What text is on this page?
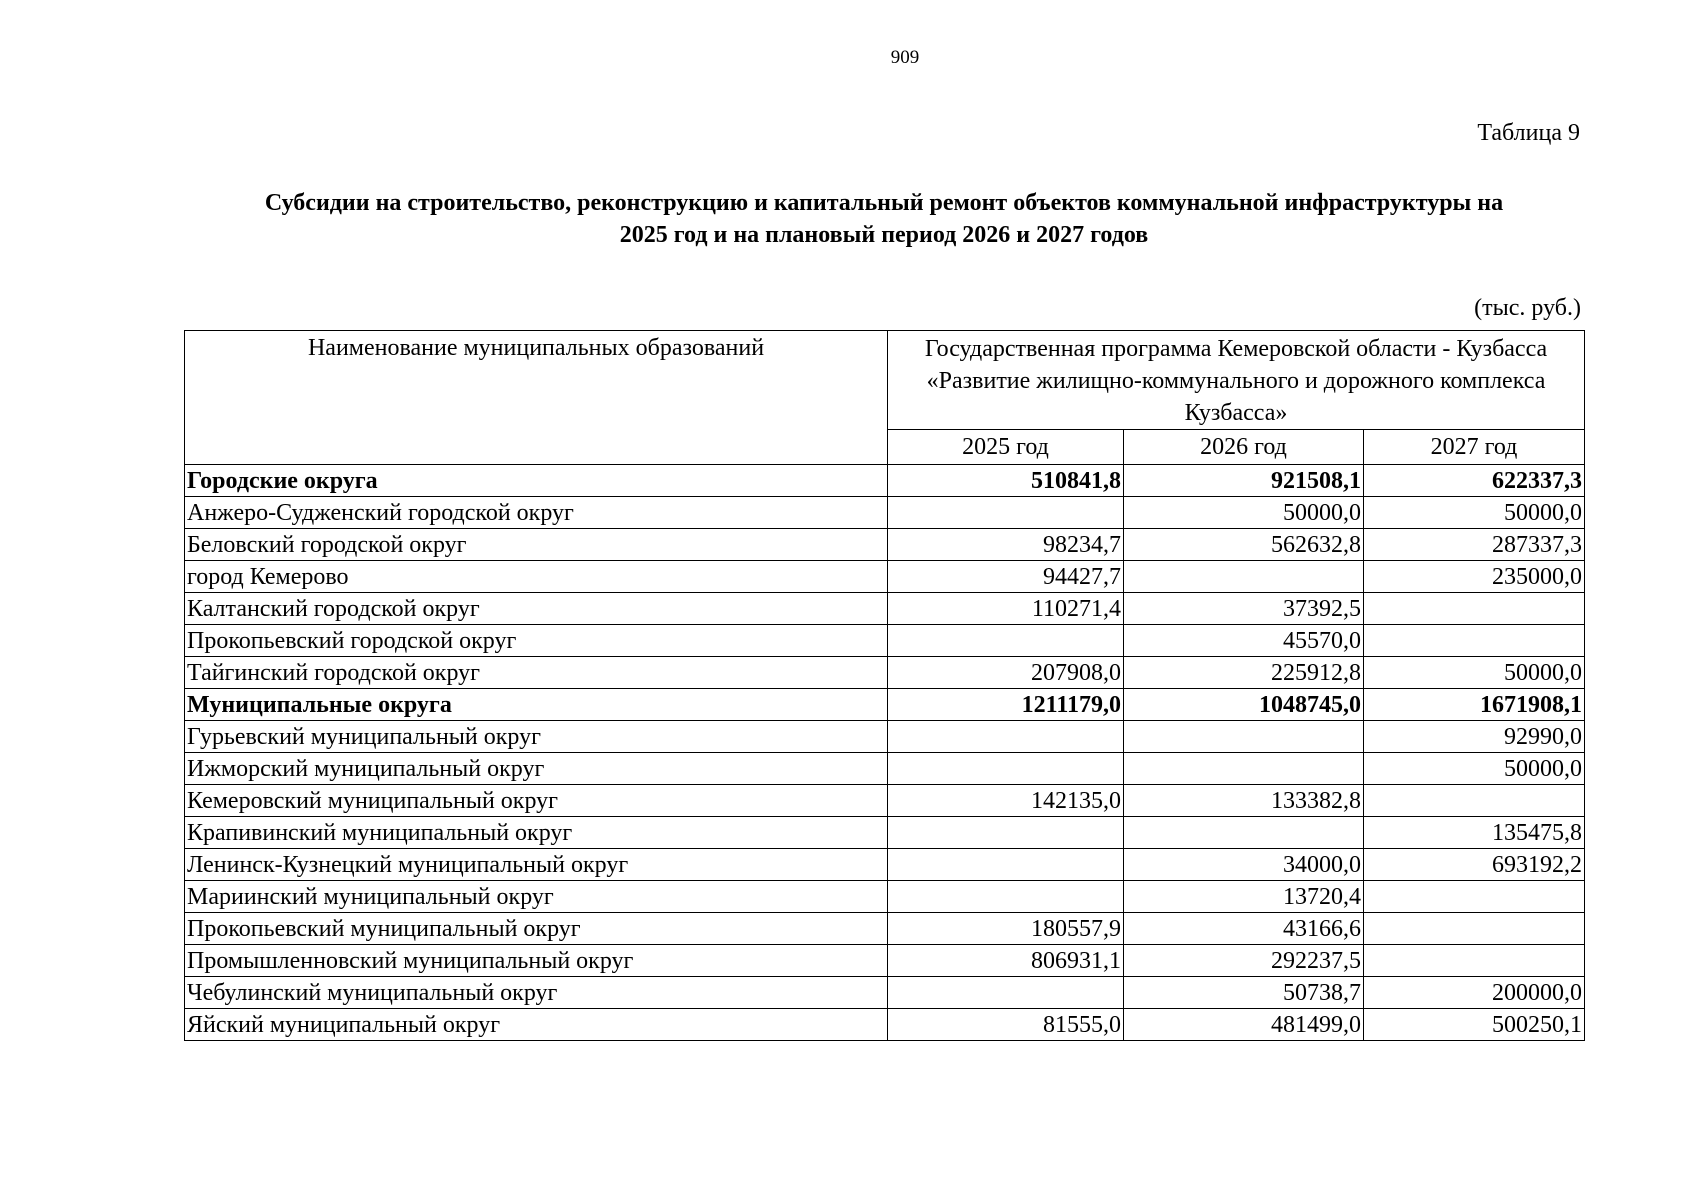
909
Таблица 9
Субсидии на строительство, реконструкцию и капитальный ремонт объектов коммунальной инфраструктуры на
2025 год и на плановый период 2026 и 2027 годов
(тыс. руб.)
Наименование муниципальных образований	Государственная программа Кемеровской области - Кузбасса «Развитие жилищно-коммунального и дорожного комплекса Кузбасса»		
	2025 год	2026 год	2027 год
Городские округа	510841,8	921508,1	622337,3
Анжеро-Судженский городской округ		50000,0	50000,0
Беловский городской округ	98234,7	562632,8	287337,3
город Кемерово	94427,7		235000,0
Калтанский городской округ	110271,4	37392,5	
Прокопьевский городской округ		45570,0	
Тайгинский городской округ	207908,0	225912,8	50000,0
Муниципальные округа	1211179,0	1048745,0	1671908,1
Гурьевский муниципальный округ			92990,0
Ижморский муниципальный округ			50000,0
Кемеровский муниципальный округ	142135,0	133382,8	
Крапивинский муниципальный округ			135475,8
Ленинск-Кузнецкий муниципальный округ		34000,0	693192,2
Мариинский муниципальный округ		13720,4	
Прокопьевский муниципальный округ	180557,9	43166,6	
Промышленновский муниципальный округ	806931,1	292237,5	
Чебулинский муниципальный округ		50738,7	200000,0
Яйский муниципальный округ	81555,0	481499,0	500250,1
